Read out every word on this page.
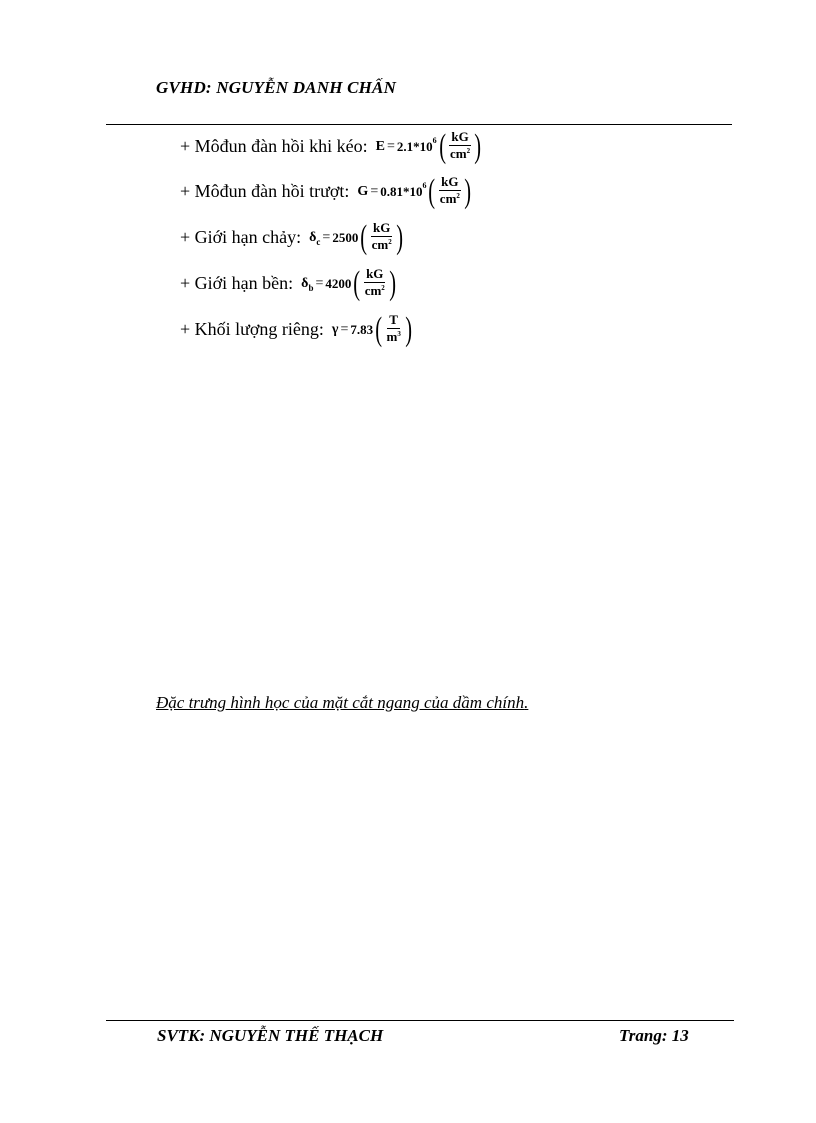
GVHD: NGUYỄN DANH CHẤN
+ Môđun đàn hồi khi kéo: E = 2.1*10 6 ( $\frac{kG}{cm^2}$ )
+ Môđun đàn hồi trượt: G = 0.81*10 6 ( $\frac{kG}{cm^2}$ )
+ Giới hạn chảy: δ c = 2500 ( $\frac{kG}{cm^2}$ )
+ Giới hạn bền: δ b = 4200 ( $\frac{kG}{cm^2}$ )
+ Khối lượng riêng: γ = 7.83 ( $\frac{T}{m^3}$ )
Đặc trưng hình học của mặt cắt ngang của dầm chính.
SVTK: NGUYỄN THẾ THẠCH	Trang: 13
